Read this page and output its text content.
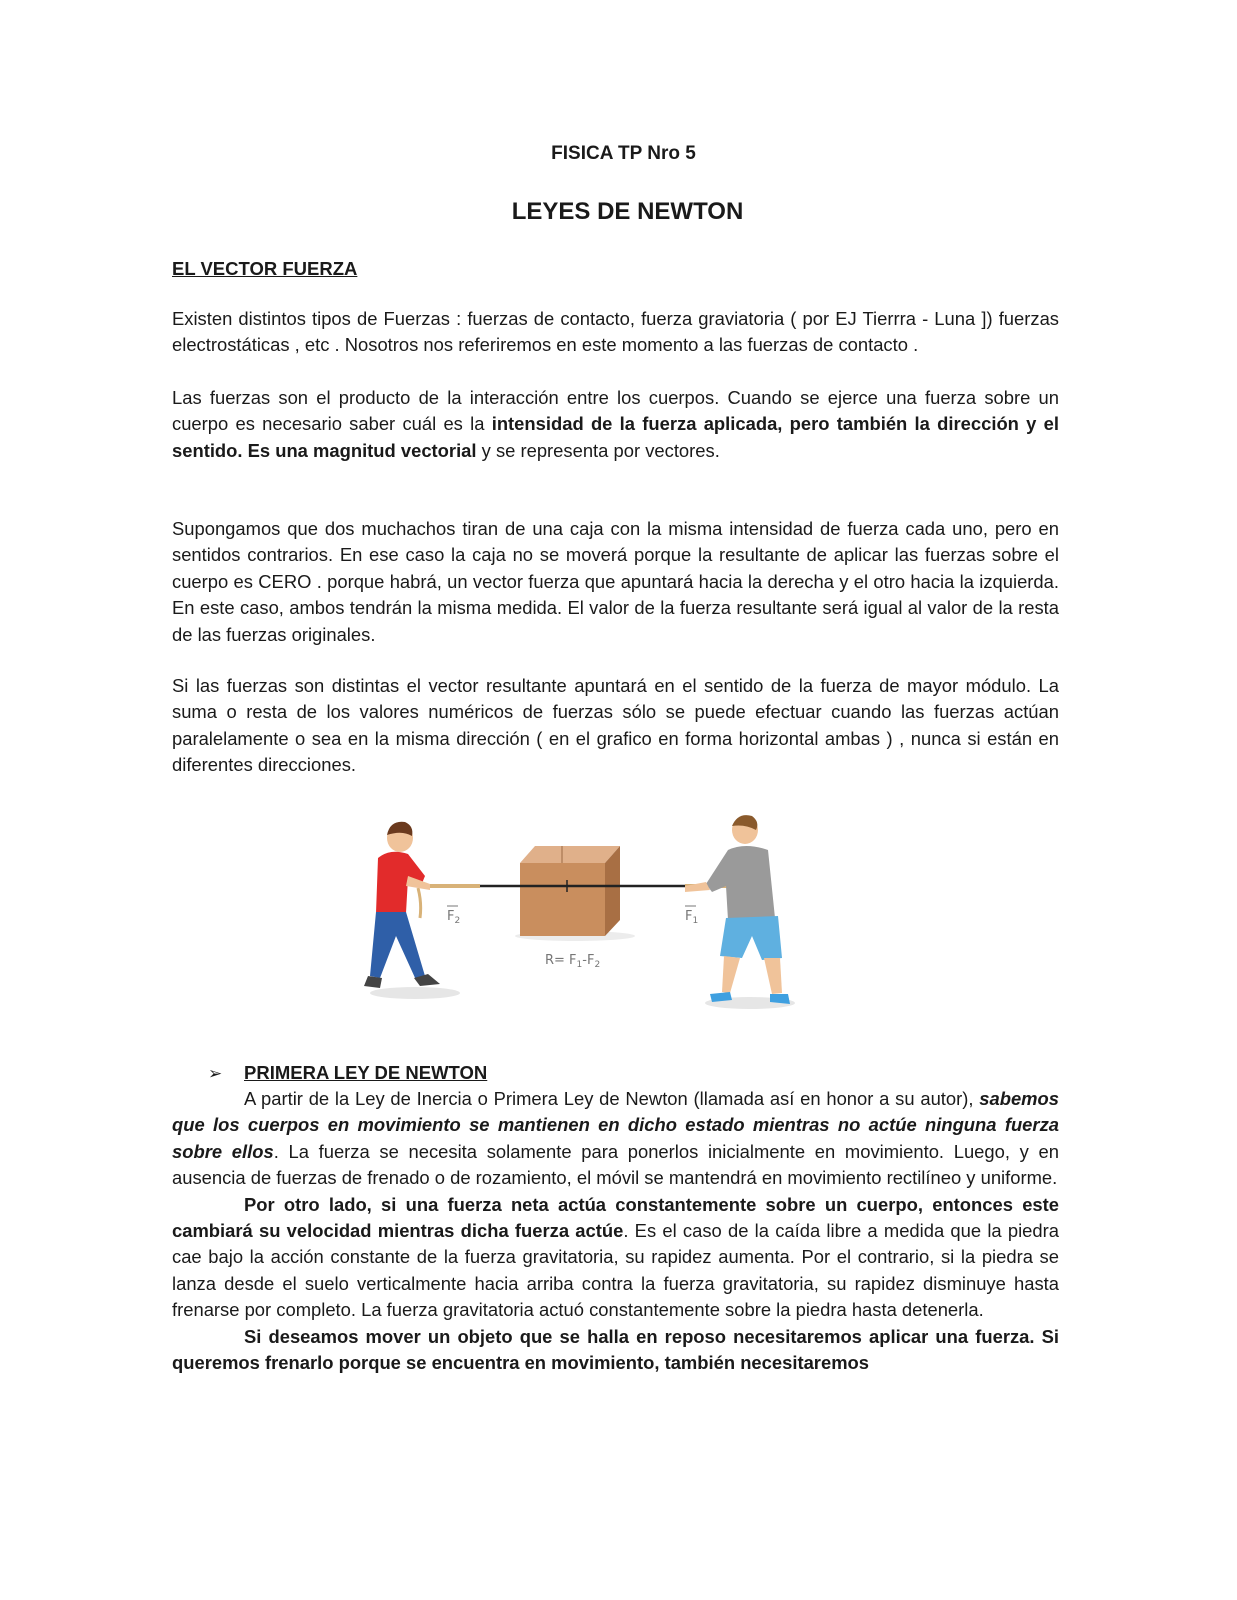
FISICA TP Nro 5
LEYES DE NEWTON
EL VECTOR FUERZA

Existen distintos tipos de Fuerzas : fuerzas de contacto, fuerza graviatoria ( por EJ Tierrra - Luna ]) fuerzas electrostáticas , etc . Nosotros nos referiremos en este momento a las fuerzas de contacto .

Las fuerzas son el producto de la interacción entre los cuerpos. Cuando se ejerce una fuerza sobre un cuerpo es necesario saber cuál es la intensidad de la fuerza aplicada, pero también la dirección y el sentido. Es una magnitud vectorial y se representa por vectores.

Supongamos que dos muchachos tiran de una caja con la misma intensidad de fuerza cada uno, pero en sentidos contrarios. En ese caso la caja no se moverá porque la resultante de aplicar las fuerzas sobre el cuerpo es CERO . porque habrá, un vector fuerza que apuntará hacia la derecha y el otro hacia la izquierda. En este caso, ambos tendrán la misma medida. El valor de la fuerza resultante será igual al valor de la resta de las fuerzas originales.

Si las fuerzas son distintas el vector resultante apuntará en el sentido de la fuerza de mayor módulo. La suma o resta de los valores numéricos de fuerzas sólo se puede efectuar cuando las fuerzas actúan paralelamente o sea en la misma dirección ( en el grafico en forma horizontal ambas ) , nunca si están en diferentes direcciones.

$F_2$	$F_1$
$R= F_1-F_2$
➢ PRIMERA LEY DE NEWTON

A partir de la Ley de Inercia o Primera Ley de Newton (llamada así en honor a su autor), sabemos que los cuerpos en movimiento se mantienen en dicho estado mientras no actúe ninguna fuerza sobre ellos. La fuerza se necesita solamente para ponerlos inicialmente en movimiento. Luego, y en ausencia de fuerzas de frenado o de rozamiento, el móvil se mantendrá en movimiento rectilíneo y uniforme.

Por otro lado, si una fuerza neta actúa constantemente sobre un cuerpo, entonces este cambiará su velocidad mientras dicha fuerza actúe. Es el caso de la caída libre a medida que la piedra cae bajo la acción constante de la fuerza gravitatoria, su rapidez aumenta. Por el contrario, si la piedra se lanza desde el suelo verticalmente hacia arriba contra la fuerza gravitatoria, su rapidez disminuye hasta frenarse por completo. La fuerza gravitatoria actuó constantemente sobre la piedra hasta detenerla.

Si deseamos mover un objeto que se halla en reposo necesitaremos aplicar una fuerza. Si queremos frenarlo porque se encuentra en movimiento, también necesitaremos
